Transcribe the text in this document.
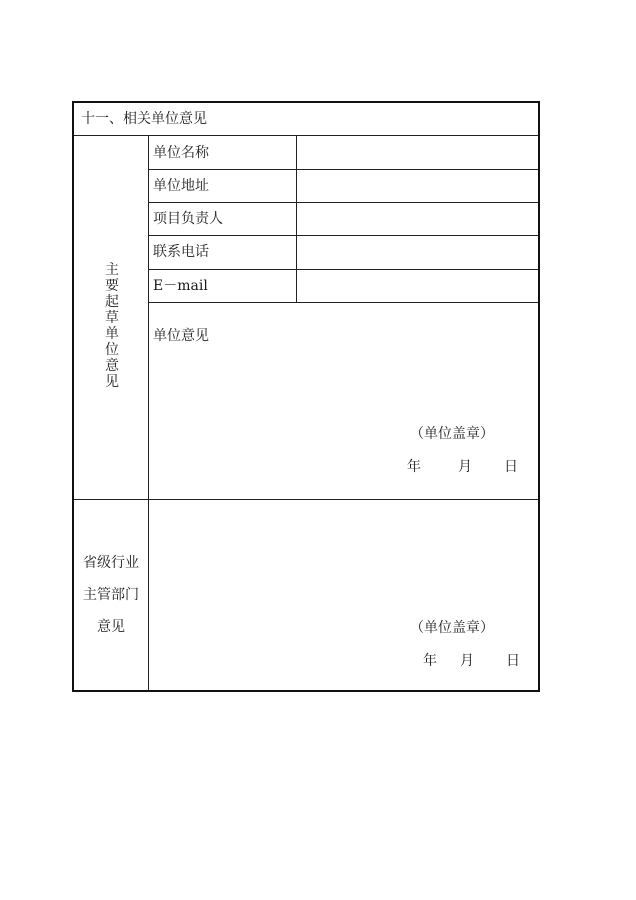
十一、相关单位意见
主要起草单位意见
单位名称
单位地址
项目负责人
联系电话
E－mail
单位意见
（单位盖章）
年	月 日
省级行业
主管部门
意见	（单位盖章）
年 月 日
